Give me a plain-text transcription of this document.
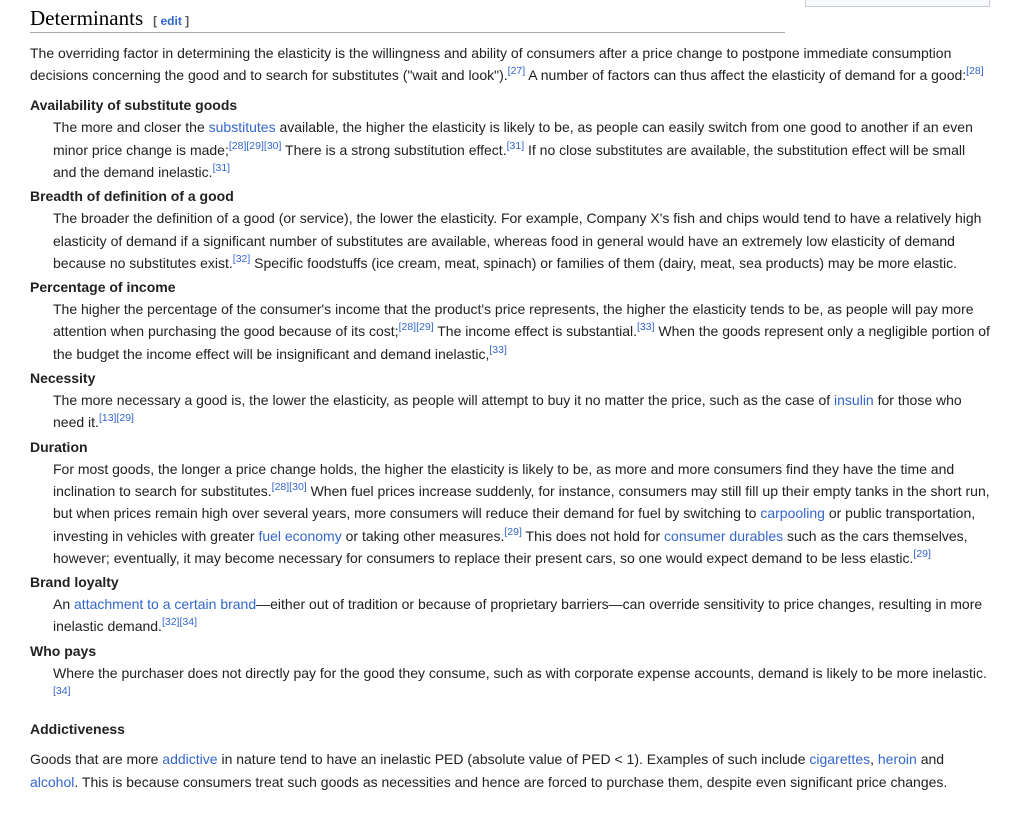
Determinants [ edit ]

The overriding factor in determining the elasticity is the willingness and ability of consumers after a price change to postpone immediate consumption decisions concerning the good and to search for substitutes ("wait and look").[27] A number of factors can thus affect the elasticity of demand for a good:[28]

Availability of substitute goods
The more and closer the substitutes available, the higher the elasticity is likely to be, as people can easily switch from one good to another if an even minor price change is made;[28][29][30] There is a strong substitution effect.[31] If no close substitutes are available, the substitution effect will be small and the demand inelastic.[31]
Breadth of definition of a good
The broader the definition of a good (or service), the lower the elasticity. For example, Company X's fish and chips would tend to have a relatively high elasticity of demand if a significant number of substitutes are available, whereas food in general would have an extremely low elasticity of demand because no substitutes exist.[32] Specific foodstuffs (ice cream, meat, spinach) or families of them (dairy, meat, sea products) may be more elastic.
Percentage of income
The higher the percentage of the consumer's income that the product's price represents, the higher the elasticity tends to be, as people will pay more attention when purchasing the good because of its cost;[28][29] The income effect is substantial.[33] When the goods represent only a negligible portion of the budget the income effect will be insignificant and demand inelastic,[33]
Necessity
The more necessary a good is, the lower the elasticity, as people will attempt to buy it no matter the price, such as the case of insulin for those who need it.[13][29]
Duration
For most goods, the longer a price change holds, the higher the elasticity is likely to be, as more and more consumers find they have the time and inclination to search for substitutes.[28][30] When fuel prices increase suddenly, for instance, consumers may still fill up their empty tanks in the short run, but when prices remain high over several years, more consumers will reduce their demand for fuel by switching to carpooling or public transportation, investing in vehicles with greater fuel economy or taking other measures.[29] This does not hold for consumer durables such as the cars themselves, however; eventually, it may become necessary for consumers to replace their present cars, so one would expect demand to be less elastic.[29]
Brand loyalty
An attachment to a certain brand—either out of tradition or because of proprietary barriers—can override sensitivity to price changes, resulting in more inelastic demand.[32][34]
Who pays
Where the purchaser does not directly pay for the good they consume, such as with corporate expense accounts, demand is likely to be more inelastic.[34]
Addictiveness

Goods that are more addictive in nature tend to have an inelastic PED (absolute value of PED < 1). Examples of such include cigarettes, heroin and alcohol. This is because consumers treat such goods as necessities and hence are forced to purchase them, despite even significant price changes.
